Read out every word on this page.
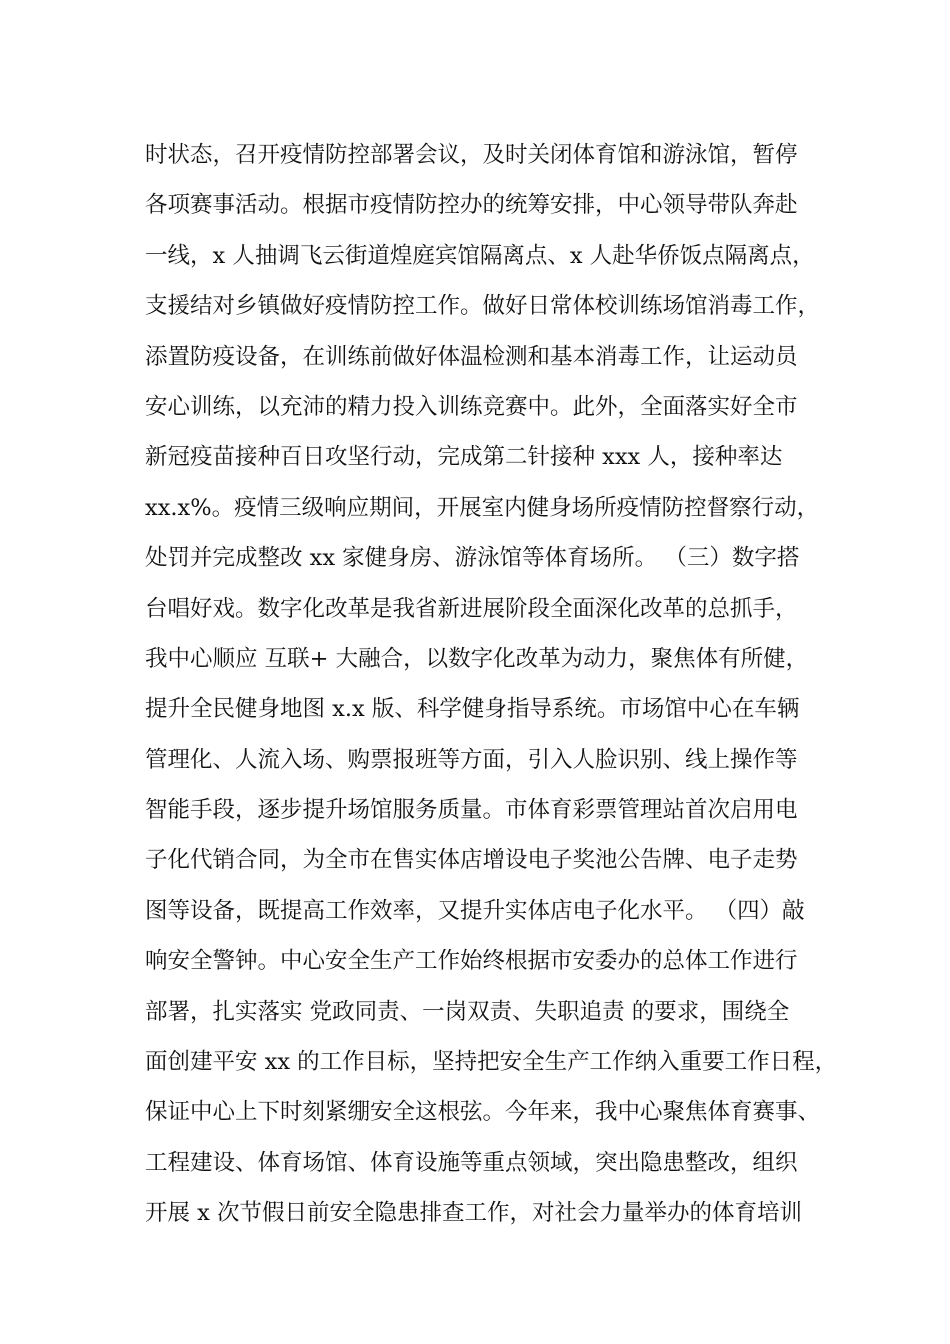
时状态，召开疫情防控部署会议，及时关闭体育馆和游泳馆，暂停
各项赛事活动。根据市疫情防控办的统筹安排，中心领导带队奔赴
一线，x 人抽调飞云街道煌庭宾馆隔离点、x 人赴华侨饭点隔离点，
支援结对乡镇做好疫情防控工作。做好日常体校训练场馆消毒工作，
添置防疫设备，在训练前做好体温检测和基本消毒工作，让运动员
安心训练，以充沛的精力投入训练竞赛中。此外，全面落实好全市
新冠疫苗接种百日攻坚行动，完成第二针接种 xxx 人，接种率达
xx.x%。疫情三级响应期间，开展室内健身场所疫情防控督察行动，
处罚并完成整改 xx 家健身房、游泳馆等体育场所。 （三）数字搭
台唱好戏。数字化改革是我省新进展阶段全面深化改革的总抓手，
我中心顺应 互联+ 大融合，以数字化改革为动力，聚焦体有所健，
提升全民健身地图 x.x 版、科学健身指导系统。市场馆中心在车辆
管理化、人流入场、购票报班等方面，引入人脸识别、线上操作等
智能手段，逐步提升场馆服务质量。市体育彩票管理站首次启用电
子化代销合同，为全市在售实体店增设电子奖池公告牌、电子走势
图等设备，既提高工作效率，又提升实体店电子化水平。 （四）敲
响安全警钟。中心安全生产工作始终根据市安委办的总体工作进行
部署，扎实落实 党政同责、一岗双责、失职追责 的要求，围绕全
面创建平安 xx 的工作目标，坚持把安全生产工作纳入重要工作日程，
保证中心上下时刻紧绷安全这根弦。今年来，我中心聚焦体育赛事、
工程建设、体育场馆、体育设施等重点领域，突出隐患整改，组织
开展 x 次节假日前安全隐患排查工作，对社会力量举办的体育培训
